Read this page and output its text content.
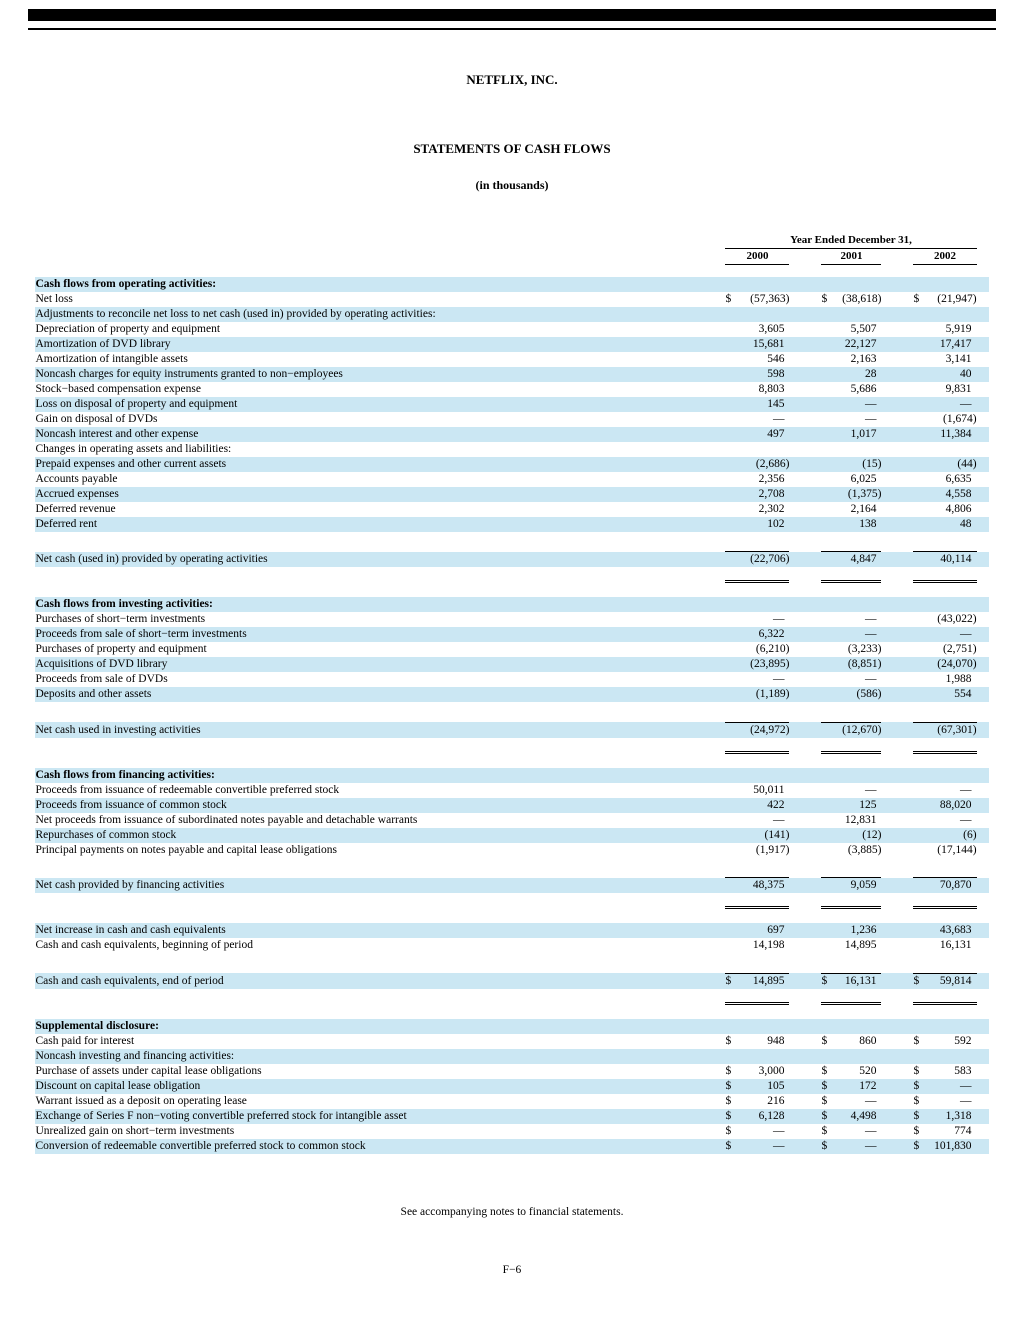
NETFLIX, INC.
STATEMENTS OF CASH FLOWS
(in thousands)
	Year Ended December 31,								
	2000			2001			2002		

Cash flows from operating activities:									
Net loss	$	(57,363)		$	(38,618)		$	(21,947)	
Adjustments to reconcile net loss to net cash (used in) provided by operating activities:									
Depreciation of property and equipment		3,605			5,507			5,919	
Amortization of DVD library		15,681			22,127			17,417	
Amortization of intangible assets		546			2,163			3,141	
Noncash charges for equity instruments granted to non−employees		598			28			40	
Stock−based compensation expense		8,803			5,686			9,831	
Loss on disposal of property and equipment		145			—			—	
Gain on disposal of DVDs		—			—			(1,674)	
Noncash interest and other expense		497			1,017			11,384	
Changes in operating assets and liabilities:									
Prepaid expenses and other current assets		(2,686)			(15)			(44)	
Accounts payable		2,356			6,025			6,635	
Accrued expenses		2,708			(1,375)			4,558	
Deferred revenue		2,302			2,164			4,806	
Deferred rent		102			138			48	

Net cash (used in) provided by operating activities		(22,706)			4,847			40,114	

Cash flows from investing activities:									
Purchases of short−term investments		—			—			(43,022)	
Proceeds from sale of short−term investments		6,322			—			—	
Purchases of property and equipment		(6,210)			(3,233)			(2,751)	
Acquisitions of DVD library		(23,895)			(8,851)			(24,070)	
Proceeds from sale of DVDs		—			—			1,988	
Deposits and other assets		(1,189)			(586)			554	

Net cash used in investing activities		(24,972)			(12,670)			(67,301)	

Cash flows from financing activities:									
Proceeds from issuance of redeemable convertible preferred stock		50,011			—			—	
Proceeds from issuance of common stock		422			125			88,020	
Net proceeds from issuance of subordinated notes payable and detachable warrants		—			12,831			—	
Repurchases of common stock		(141)			(12)			(6)	
Principal payments on notes payable and capital lease obligations		(1,917)			(3,885)			(17,144)	

Net cash provided by financing activities		48,375			9,059			70,870	

Net increase in cash and cash equivalents		697			1,236			43,683	
Cash and cash equivalents, beginning of period		14,198			14,895			16,131	

Cash and cash equivalents, end of period	$	14,895		$	16,131		$	59,814	

Supplemental disclosure:									
Cash paid for interest	$	948		$	860		$	592	
Noncash investing and financing activities:									
Purchase of assets under capital lease obligations	$	3,000		$	520		$	583	
Discount on capital lease obligation	$	105		$	172		$	—	
Warrant issued as a deposit on operating lease	$	216		$	—		$	—	
Exchange of Series F non−voting convertible preferred stock for intangible asset	$	6,128		$	4,498		$	1,318	
Unrealized gain on short−term investments	$	—		$	—		$	774	
Conversion of redeemable convertible preferred stock to common stock	$	—		$	—		$	101,830	

See accompanying notes to financial statements.

F−6
